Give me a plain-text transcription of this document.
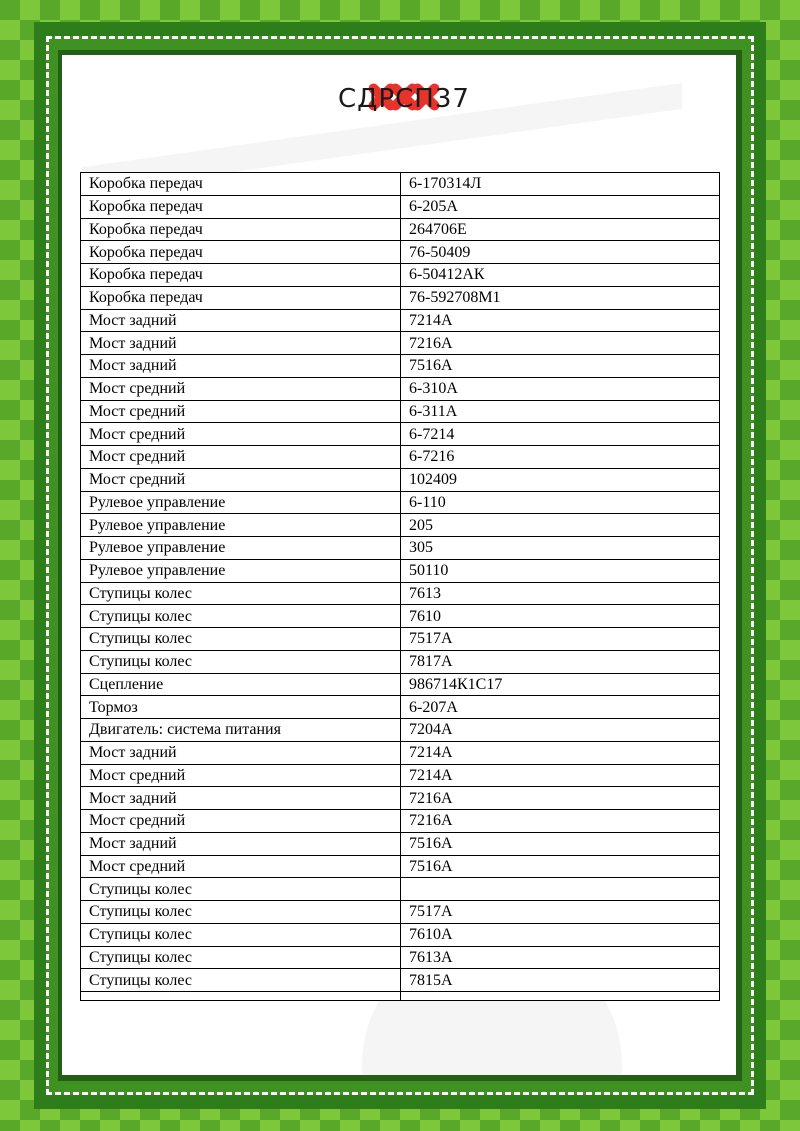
СДРСП37
Коробка передач	6-170314Л
Коробка передач	6-205А
Коробка передач	264706Е
Коробка передач	76-50409
Коробка передач	6-50412АК
Коробка передач	76-592708М1
Мост задний	7214А
Мост задний	7216А
Мост задний	7516А
Мост средний	6-310А
Мост средний	6-311А
Мост средний	6-7214
Мост средний	6-7216
Мост средний	102409
Рулевое управление	6-110
Рулевое управление	205
Рулевое управление	305
Рулевое управление	50110
Ступицы колес	7613
Ступицы колес	7610
Ступицы колес	7517А
Ступицы колес	7817А
Сцепление	986714К1С17
Тормоз	6-207А
Двигатель: система питания	7204А
Мост задний	7214А
Мост средний	7214А
Мост задний	7216А
Мост средний	7216А
Мост задний	7516А
Мост средний	7516А
Ступицы колес	
Ступицы колес	7517А
Ступицы колес	7610А
Ступицы колес	7613А
Ступицы колес	7815А
